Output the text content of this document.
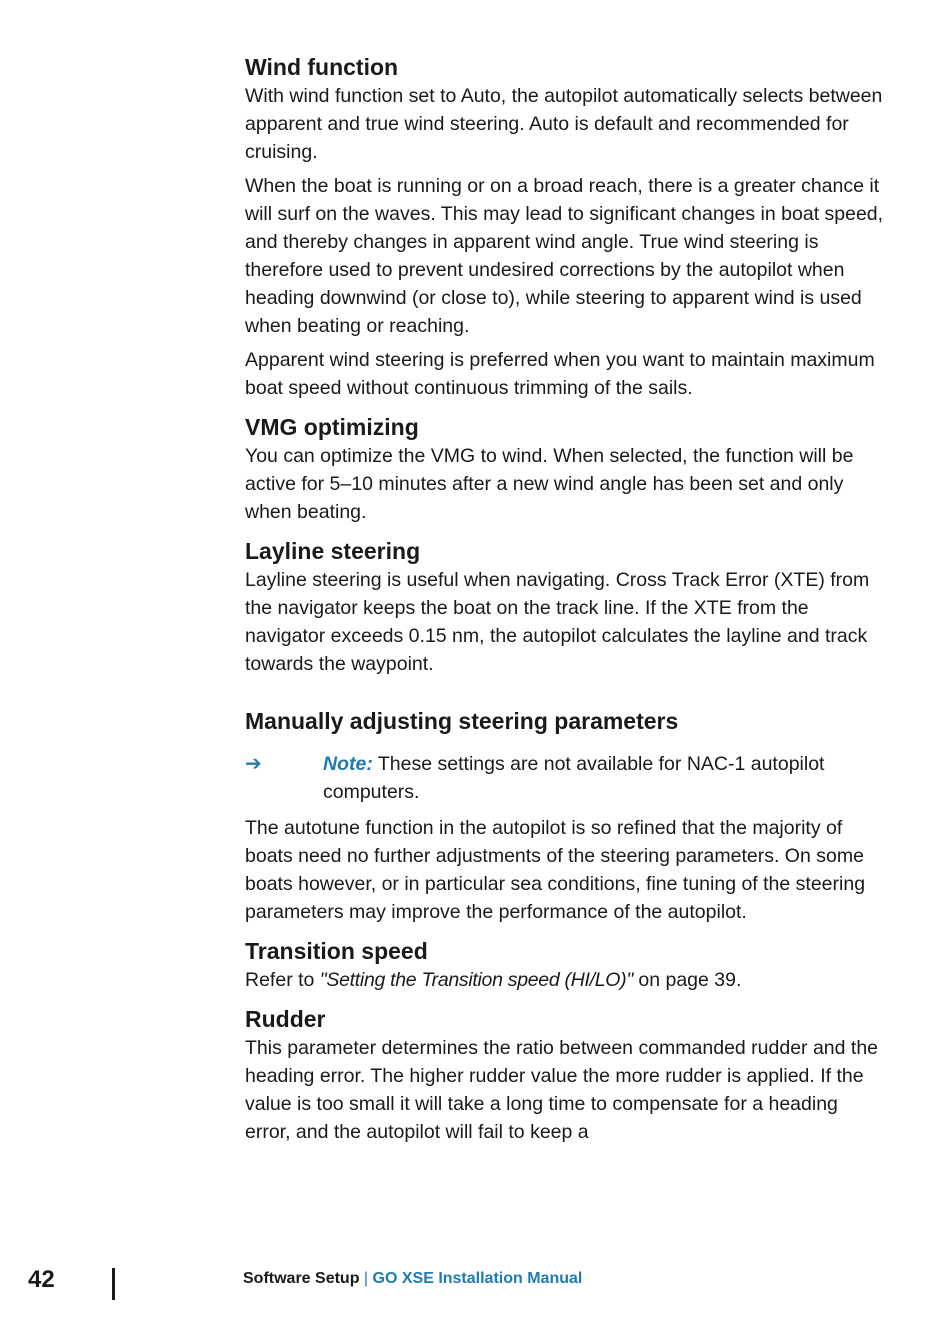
Wind function

With wind function set to Auto, the autopilot automatically selects between apparent and true wind steering. Auto is default and recommended for cruising.

When the boat is running or on a broad reach, there is a greater chance it will surf on the waves. This may lead to significant changes in boat speed, and thereby changes in apparent wind angle. True wind steering is therefore used to prevent undesired corrections by the autopilot when heading downwind (or close to), while steering to apparent wind is used when beating or reaching.

Apparent wind steering is preferred when you want to maintain maximum boat speed without continuous trimming of the sails.

VMG optimizing

You can optimize the VMG to wind. When selected, the function will be active for 5–10 minutes after a new wind angle has been set and only when beating.

Layline steering

Layline steering is useful when navigating. Cross Track Error (XTE) from the navigator keeps the boat on the track line. If the XTE from the navigator exceeds 0.15 nm, the autopilot calculates the layline and track towards the waypoint.

Manually adjusting steering parameters
➔	Note: These settings are not available for NAC-1 autopilot computers.

The autotune function in the autopilot is so refined that the majority of boats need no further adjustments of the steering parameters. On some boats however, or in particular sea conditions, fine tuning of the steering parameters may improve the performance of the autopilot.

Transition speed

Refer to "Setting the Transition speed (HI/LO)" on page 39.

Rudder

This parameter determines the ratio between commanded rudder and the heading error. The higher rudder value the more rudder is applied. If the value is too small it will take a long time to compensate for a heading error, and the autopilot will fail to keep a

42	Software Setup | GO XSE Installation Manual
